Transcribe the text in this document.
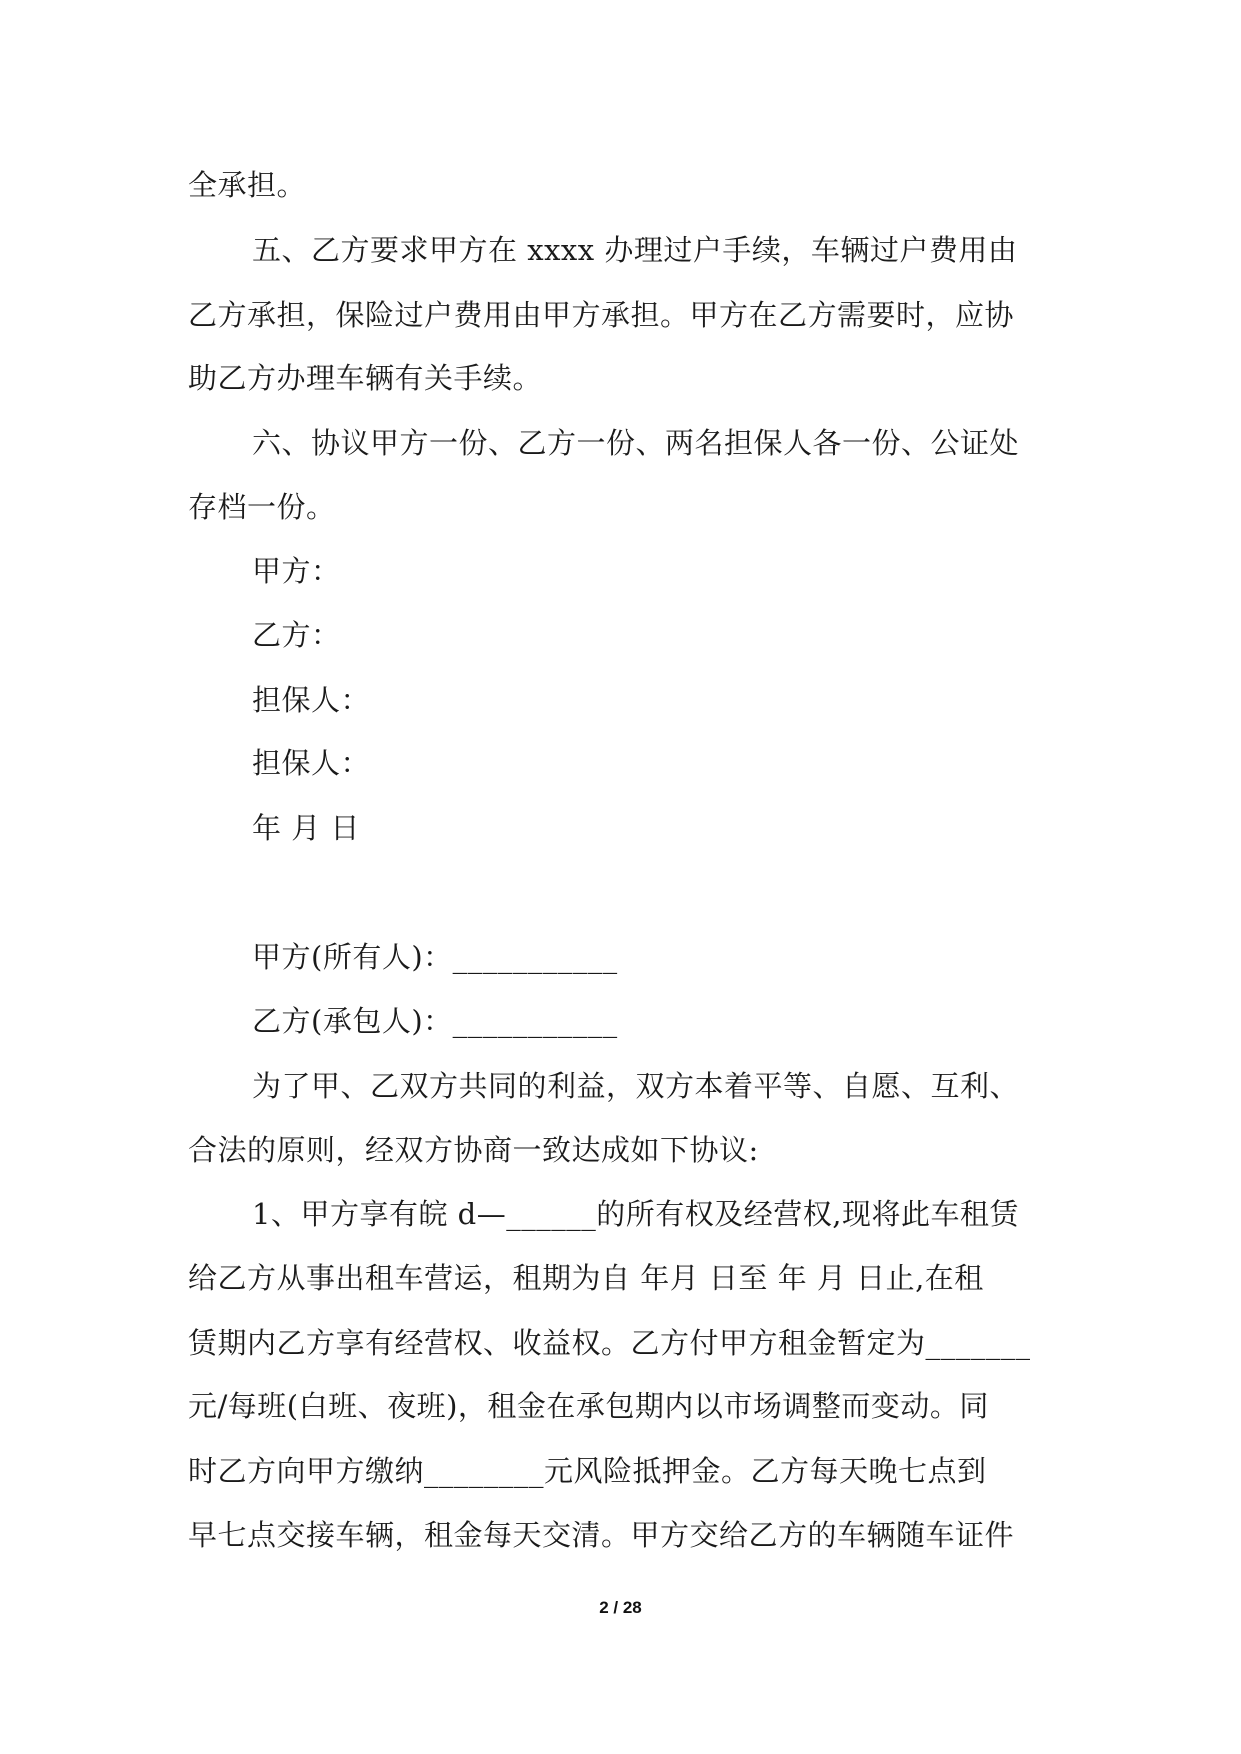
全承担。
五、乙方要求甲方在 xxxx 办理过户手续，车辆过户费用由
乙方承担，保险过户费用由甲方承担。甲方在乙方需要时，应协
助乙方办理车辆有关手续。
六、协议甲方一份、乙方一份、两名担保人各一份、公证处
存档一份。
甲方：
乙方：
担保人：
担保人：
年 月 日
甲方(所有人)：___________
乙方(承包人)：___________
为了甲、乙双方共同的利益，双方本着平等、自愿、互利、
合法的原则，经双方协商一致达成如下协议:
1、甲方享有皖 d—______的所有权及经营权,现将此车租赁
给乙方从事出租车营运，租期为自 年月 日至 年 月 日止,在租
赁期内乙方享有经营权、收益权。乙方付甲方租金暂定为_______
元/每班(白班、夜班)，租金在承包期内以市场调整而变动。同
时乙方向甲方缴纳________元风险抵押金。乙方每天晚七点到
早七点交接车辆，租金每天交清。甲方交给乙方的车辆随车证件
2 / 28
